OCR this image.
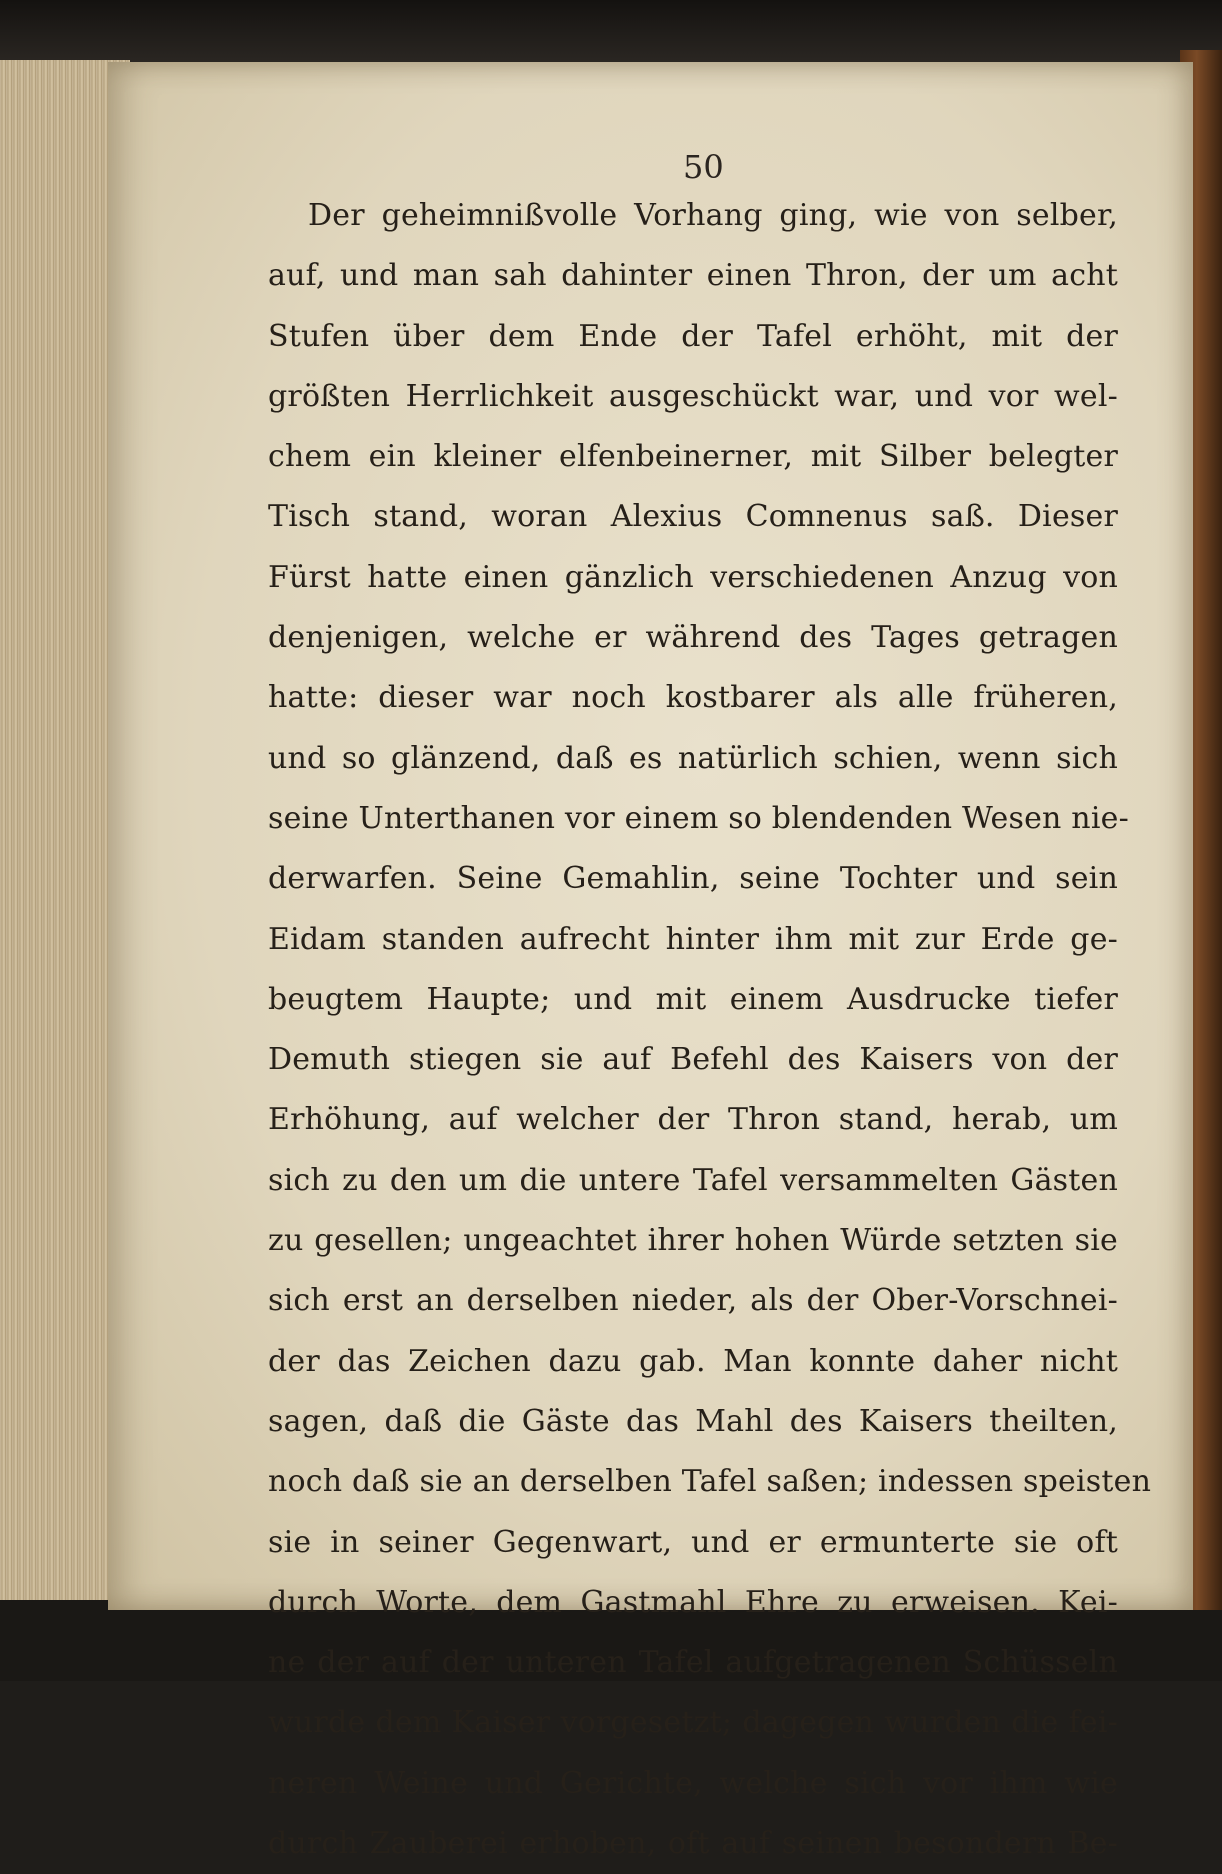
50
Der geheimnißvolle Vorhang ging, wie von selber,
auf, und man sah dahinter einen Thron, der um acht
Stufen über dem Ende der Tafel erhöht, mit der
größten Herrlichkeit ausgeschückt war, und vor wel-
chem ein kleiner elfenbeinerner, mit Silber belegter
Tisch stand, woran Alexius Comnenus saß. Dieser
Fürst hatte einen gänzlich verschiedenen Anzug von
denjenigen, welche er während des Tages getragen
hatte: dieser war noch kostbarer als alle früheren,
und so glänzend, daß es natürlich schien, wenn sich
seine Unterthanen vor einem so blendenden Wesen nie-
derwarfen. Seine Gemahlin, seine Tochter und sein
Eidam standen aufrecht hinter ihm mit zur Erde ge-
beugtem Haupte; und mit einem Ausdrucke tiefer
Demuth stiegen sie auf Befehl des Kaisers von der
Erhöhung, auf welcher der Thron stand, herab, um
sich zu den um die untere Tafel versammelten Gästen
zu gesellen; ungeachtet ihrer hohen Würde setzten sie
sich erst an derselben nieder, als der Ober-Vorschnei-
der das Zeichen dazu gab. Man konnte daher nicht
sagen, daß die Gäste das Mahl des Kaisers theilten,
noch daß sie an derselben Tafel saßen; indessen speisten
sie in seiner Gegenwart, und er ermunterte sie oft
durch Worte, dem Gastmahl Ehre zu erweisen. Kei-
ne der auf der unteren Tafel aufgetragenen Schüsseln
wurde dem Kaiser vorgesetzt; dagegen wurden die fei-
neren Weine und Gerichte, welche sich vor ihm wie
durch Zauberei erhoben, oft auf seinen besondern Be-
